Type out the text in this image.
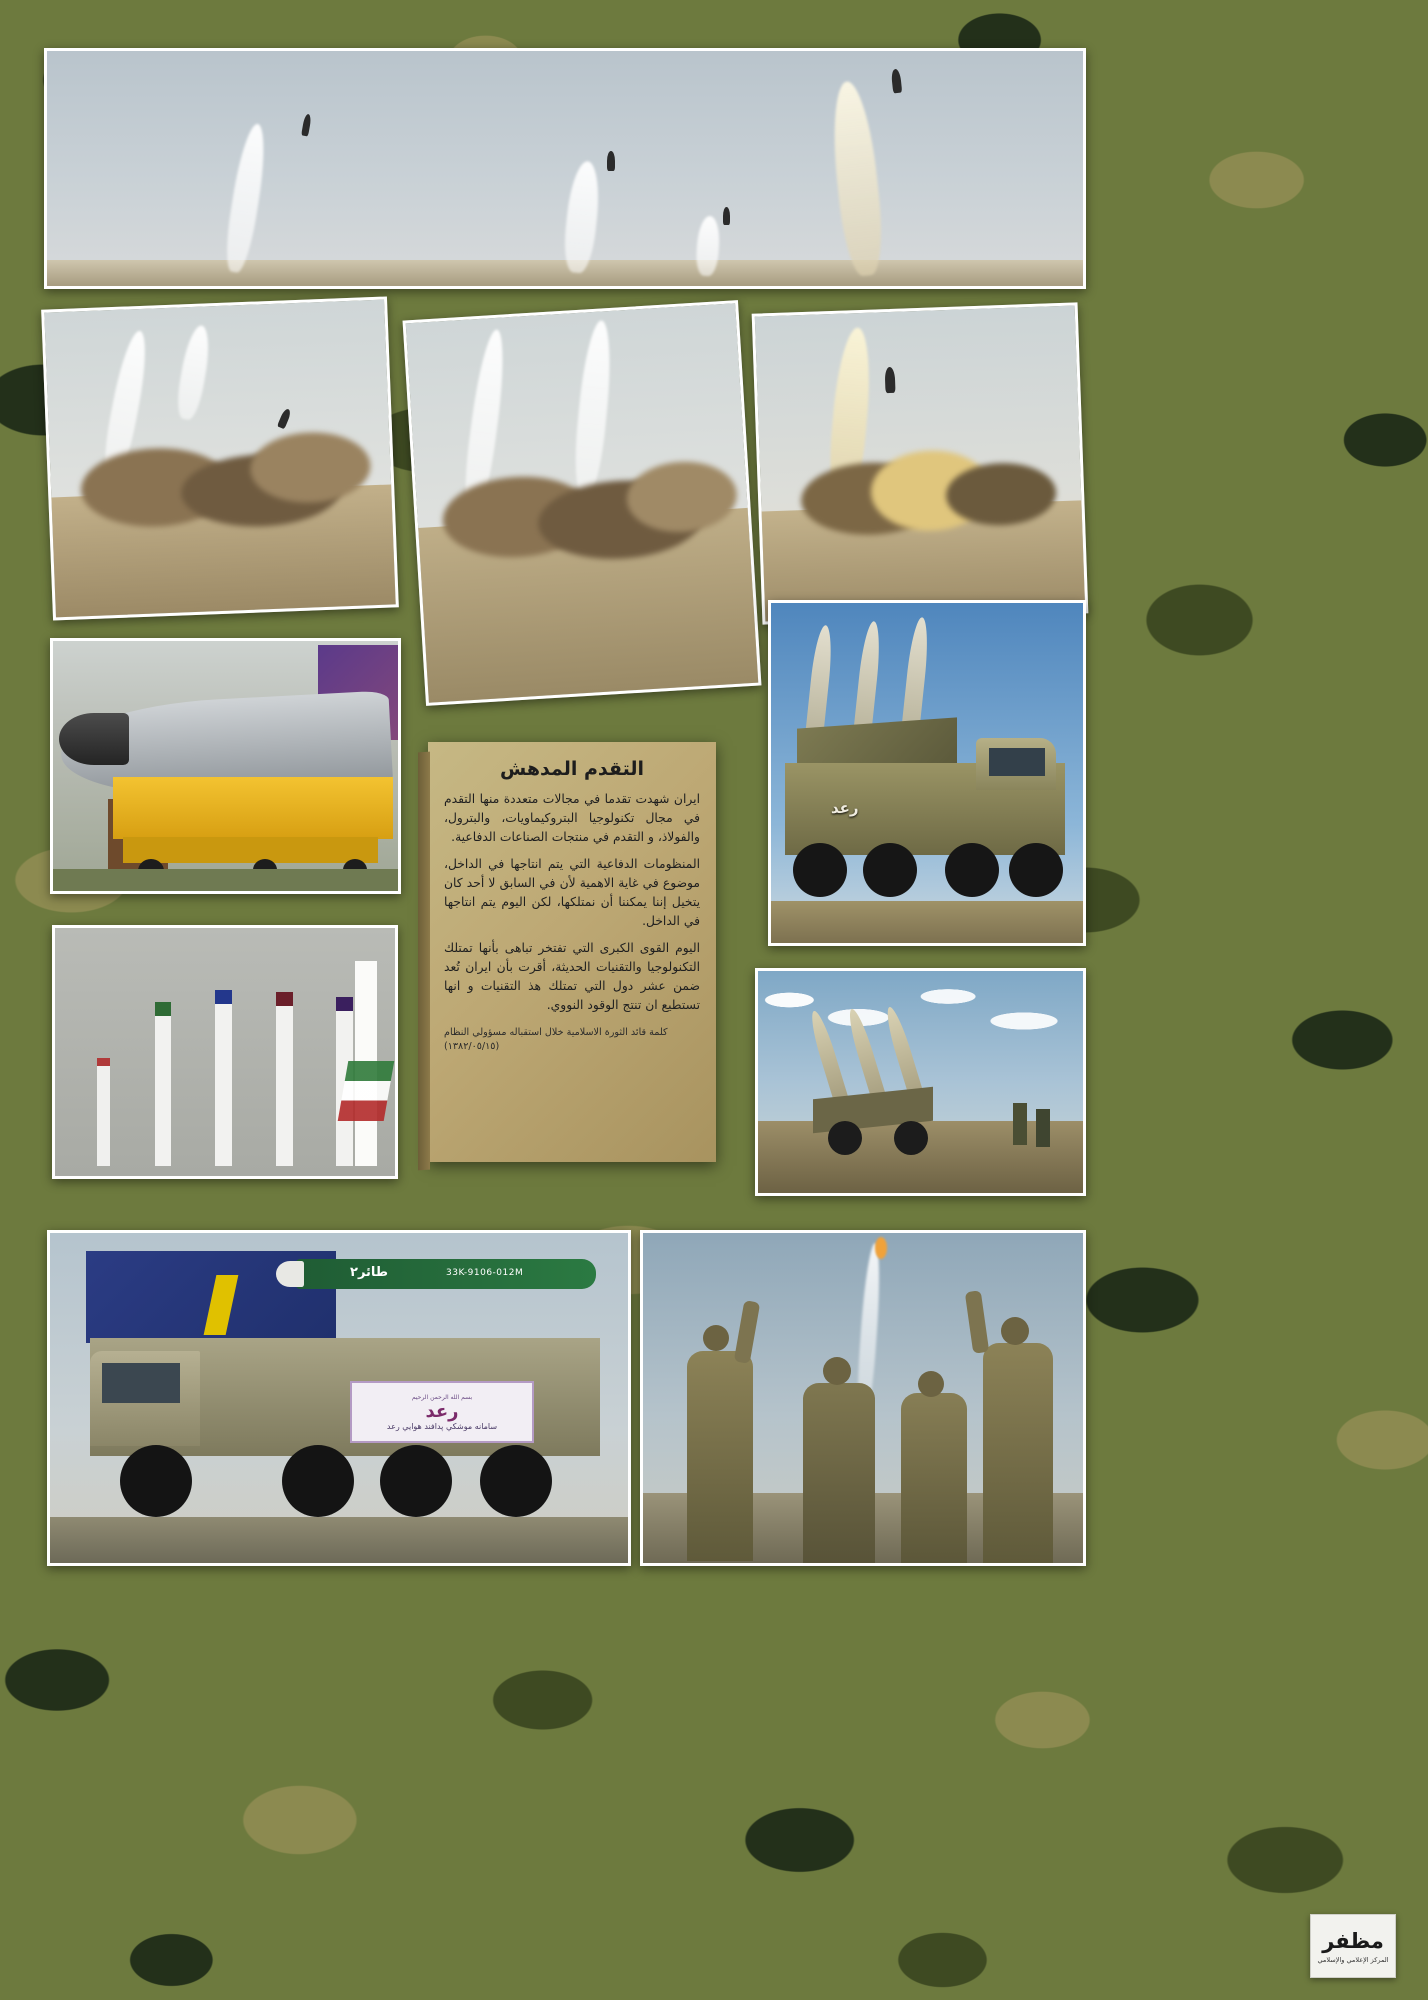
رعد
طائر٢	33K-9106-012M
بسم الله الرحمن الرحيم
رعد
سامانه موشكي پدافند هوايي رعد
التقدم المدهش

ايران شهدت تقدما في مجالات متعددة منها التقدم في مجال تكنولوجيا البتروكيماويات، والبترول، والفولاذ، و التقدم في منتجات الصناعات الدفاعية.

المنظومات الدفاعية التي يتم انتاجها في الداخل، موضوع في غاية الاهمية لأن في السابق لا أحد كان يتخيل إننا يمكننا أن نمتلكها، لكن اليوم يتم انتاجها في الداخل.

اليوم القوى الكبرى التي تفتخر تباهى بأنها تمتلك التكنولوجيا والتقنيات الحديثة، أقرت بأن ايران تُعد ضمن عشر دول التي تمتلك هذ التقنيات و انها تستطيع ان تنتج الوقود النووي.

كلمة قائد الثورة الاسلامية خلال استقباله مسؤولي النظام
(١٣٨٢/٠٥/١٥)
مظفر
المركز الإعلامي والإسلامي
